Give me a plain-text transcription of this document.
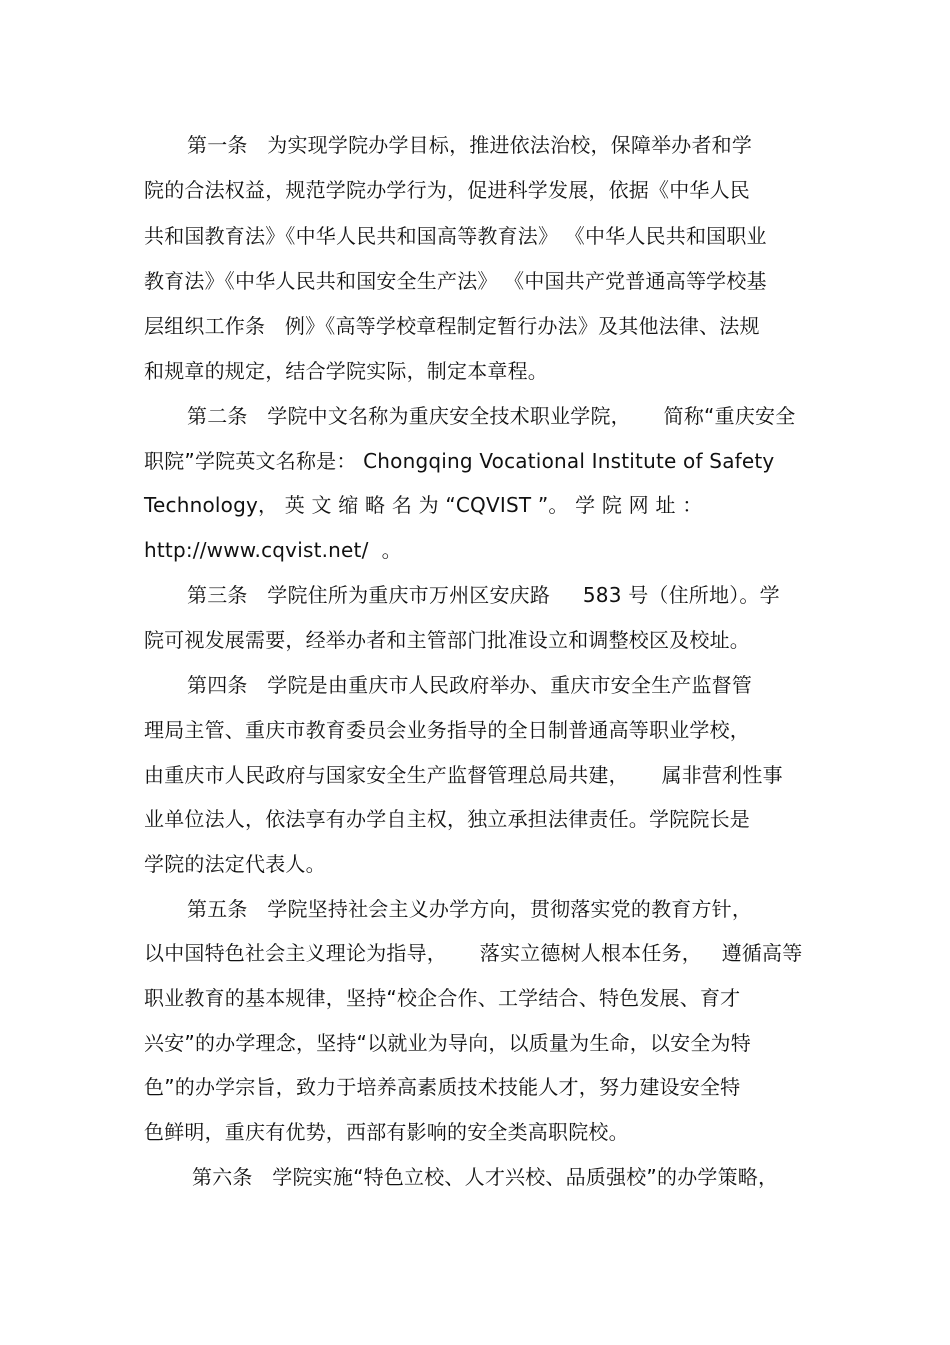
第一条   为实现学院办学目标，推进依法治校，保障举办者和学
院的合法权益，规范学院办学行为，促进科学发展，依据《中华人民
共和国教育法》《中华人民共和国高等教育法》 《中华人民共和国职业
教育法》《中华人民共和国安全生产法》 《中国共产党普通高等学校基
层组织工作条   例》《高等学校章程制定暂行办法》及其他法律、法规
和规章的规定，结合学院实际，制定本章程。
第二条   学院中文名称为重庆安全技术职业学院，     简称“重庆安全
职院”学院英文名称是： Chongqing Vocational Institute of Safety
Technology， 英 文 缩 略 名 为 “CQVIST ”。 学 院 网 址 ：
http://www.cqvist.net/  。
第三条   学院住所为重庆市万州区安庆路     583 号（住所地）。学
院可视发展需要，经举办者和主管部门批准设立和调整校区及校址。
第四条   学院是由重庆市人民政府举办、重庆市安全生产监督管
理局主管、重庆市教育委员会业务指导的全日制普通高等职业学校，
由重庆市人民政府与国家安全生产监督管理总局共建，     属非营利性事
业单位法人，依法享有办学自主权，独立承担法律责任。学院院长是
学院的法定代表人。
第五条   学院坚持社会主义办学方向，贯彻落实党的教育方针，
以中国特色社会主义理论为指导，     落实立德树人根本任务，   遵循高等
职业教育的基本规律，坚持“校企合作、工学结合、特色发展、育才
兴安”的办学理念，坚持“以就业为导向，以质量为生命，以安全为特
色”的办学宗旨，致力于培养高素质技术技能人才，努力建设安全特
色鲜明，重庆有优势，西部有影响的安全类高职院校。
第六条   学院实施“特色立校、人才兴校、品质强校”的办学策略，
